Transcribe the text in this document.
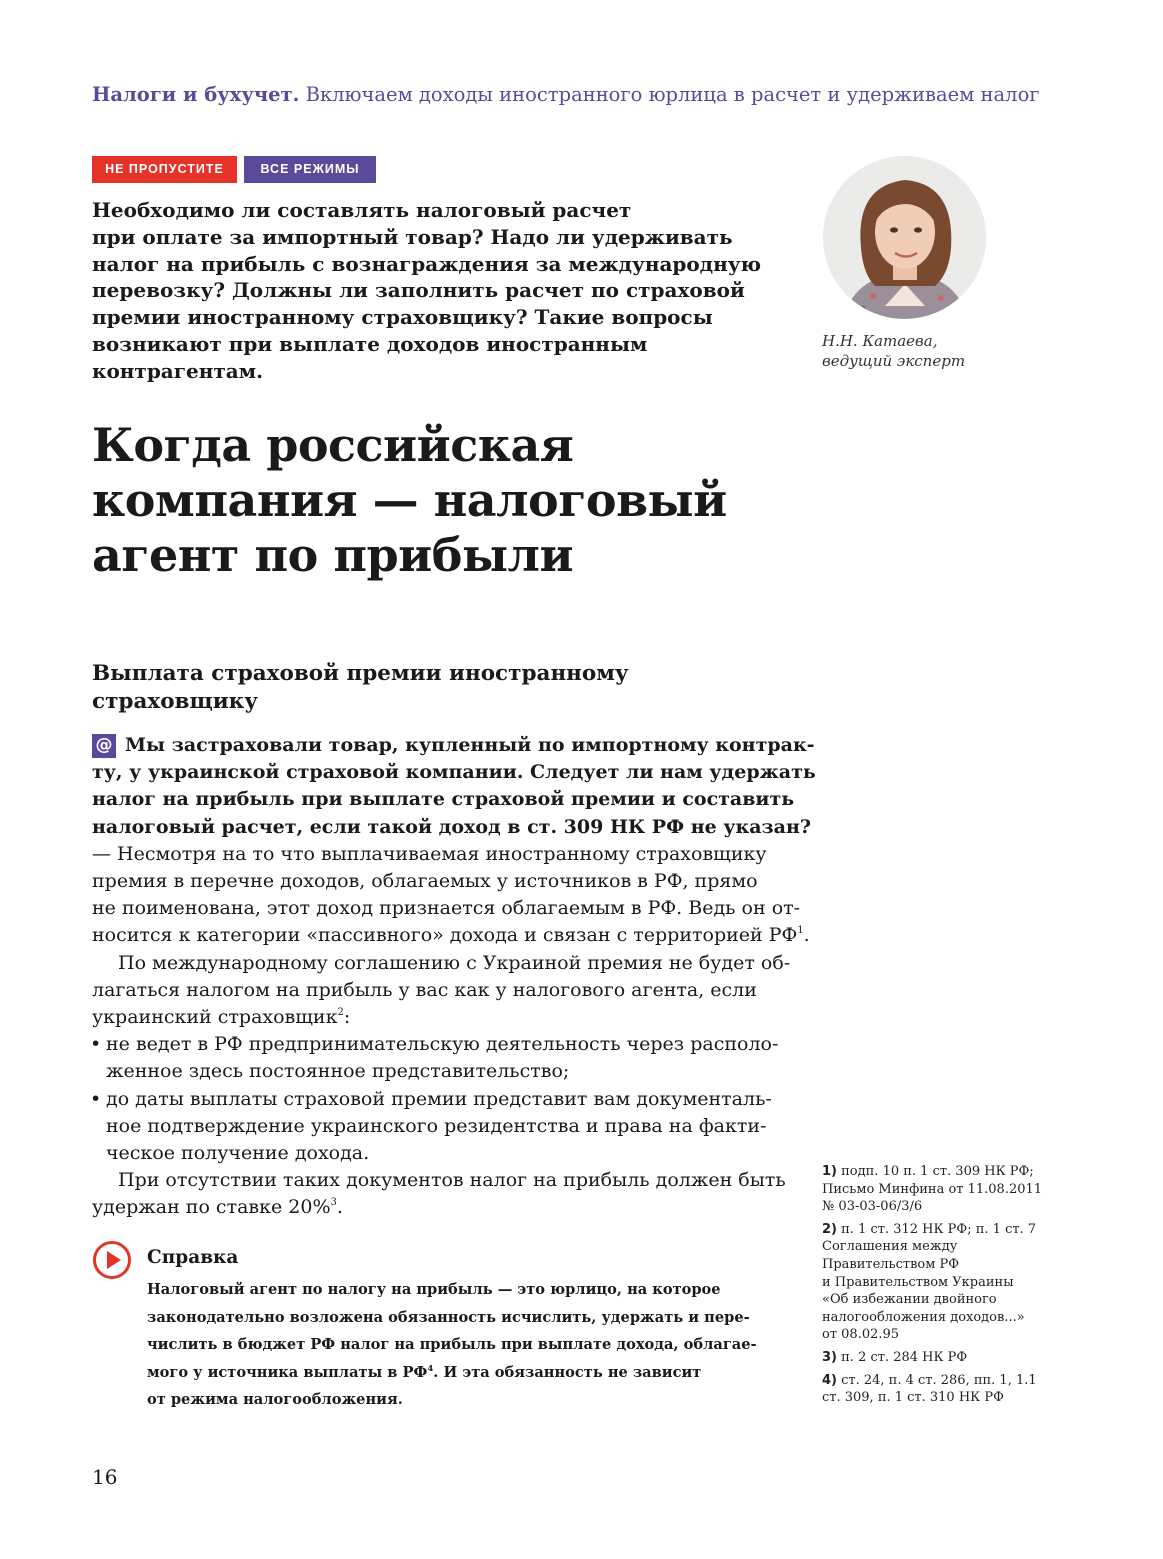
Налоги и бухучет. Включаем доходы иностранного юрлица в расчет и удерживаем налог
НЕ ПРОПУСТИТЕ	ВСЕ РЕЖИМЫ
Необходимо ли составлять налоговый расчет
при оплате за импортный товар? Надо ли удерживать
налог на прибыль с вознаграждения за международную
перевозку? Должны ли заполнить расчет по страховой
премии иностранному страховщику? Такие вопросы
возникают при выплате доходов иностранным
контрагентам.
Н.Н. Катаева,
ведущий эксперт
Когда российская
компания — налоговый
агент по прибыли
Выплата страховой премии иностранному
страховщику
@ Мы застраховали товар, купленный по импортному контрак-
ту, у украинской страховой компании. Следует ли нам удержать
налог на прибыль при выплате страховой премии и составить
налоговый расчет, если такой доход в ст. 309 НК РФ не указан?
— Несмотря на то что выплачиваемая иностранному страховщику
премия в перечне доходов, облагаемых у источников в РФ, прямо
не поименована, этот доход признается облагаемым в РФ. Ведь он от-
носится к категории «пассивного» дохода и связан с территорией $РФ^1$.
По международному соглашению с Украиной премия не будет об-
лагаться налогом на прибыль у вас как у налогового агента, если
украинский страховщик$^2$:
• не ведет в РФ предпринимательскую деятельность через располо-
женное здесь постоянное представительство;
• до даты выплаты страховой премии представит вам документаль-
ное подтверждение украинского резидентства и права на факти-
ческое получение дохода.
При отсутствии таких документов налог на прибыль должен быть
удержан по ставке 20%$^3$.
Справка
Налоговый агент по налогу на прибыль — это юрлицо, на которое
законодательно возложена обязанность исчислить, удержать и пере-
числить в бюджет РФ налог на прибыль при выплате дохода, облагае-
мого у источника выплаты в $РФ^4$. И эта обязанность не зависит
от режима налогообложения.
1) подп. 10 п. 1 ст. 309 НК РФ;
Письмо Минфина от 11.08.2011
№ 03-03-06/3/6
2) п. 1 ст. 312 НК РФ; п. 1 ст. 7
Соглашения между
Правительством РФ
и Правительством Украины
«Об избежании двойного
налогообложения доходов...»
от 08.02.95
3) п. 2 ст. 284 НК РФ
4) ст. 24, п. 4 ст. 286, пп. 1, 1.1
ст. 309, п. 1 ст. 310 НК РФ
16
